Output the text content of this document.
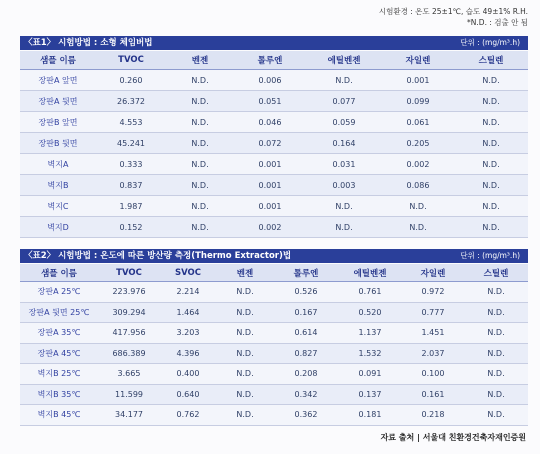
시험환경 : 온도 25±1℃, 습도 49±1% R.H.
*N.D. : 검출 안 됨
〈표1〉 시험방법 : 소형 체임버법	단위 : (mg/m³.h)
샘플 이름	TVOC	벤젠	톨루엔	에틸벤젠	자일렌	스틸렌
장판A 앞면	0.260	N.D.	0.006	N.D.	0.001	N.D.
장판A 뒷면	26.372	N.D.	0.051	0.077	0.099	N.D.
장판B 앞면	4.553	N.D.	0.046	0.059	0.061	N.D.
장판B 뒷면	45.241	N.D.	0.072	0.164	0.205	N.D.
벽지A	0.333	N.D.	0.001	0.031	0.002	N.D.
벽지B	0.837	N.D.	0.001	0.003	0.086	N.D.
벽지C	1.987	N.D.	0.001	N.D.	N.D.	N.D.
벽지D	0.152	N.D.	0.002	N.D.	N.D.	N.D.
〈표2〉 시험방법 : 온도에 따른 방산량 측정(Thermo Extractor)법	단위 : (mg/m³.h)
샘플 이름	TVOC	SVOC	벤젠	톨루엔	에틸벤젠	자일렌	스틸렌
장판A 25℃	223.976	2.214	N.D.	0.526	0.761	0.972	N.D.
장판A 뒷면 25℃	309.294	1.464	N.D.	0.167	0.520	0.777	N.D.
장판A 35℃	417.956	3.203	N.D.	0.614	1.137	1.451	N.D.
장판A 45℃	686.389	4.396	N.D.	0.827	1.532	2.037	N.D.
벽지B 25℃	3.665	0.400	N.D.	0.208	0.091	0.100	N.D.
벽지B 35℃	11.599	0.640	N.D.	0.342	0.137	0.161	N.D.
벽지B 45℃	34.177	0.762	N.D.	0.362	0.181	0.218	N.D.
자료 출처 | 서울대 친환경건축자재인증원
